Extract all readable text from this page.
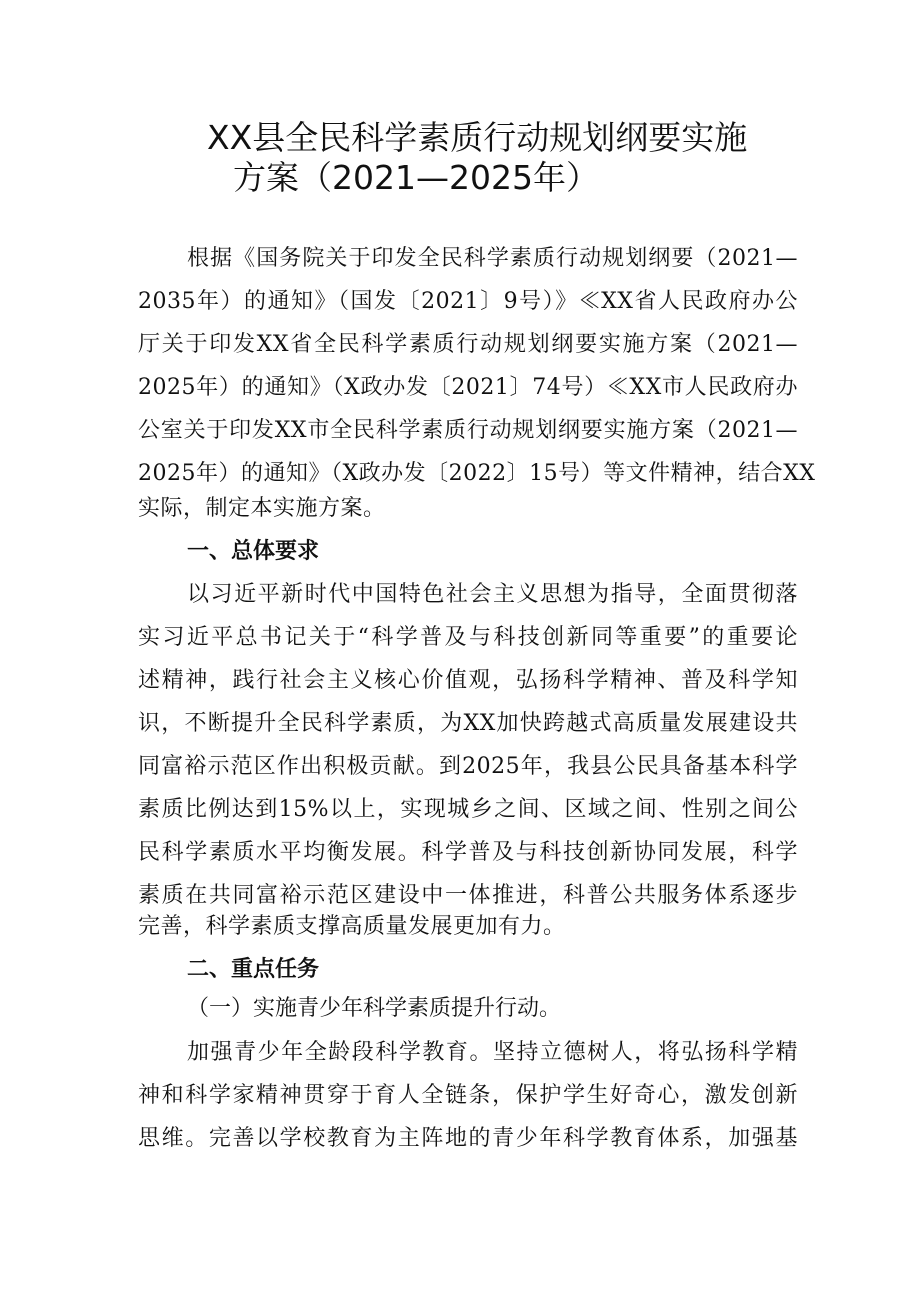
XX县全民科学素质行动规划纲要实施
方案（2021—2025年）
根据《国务院关于印发全民科学素质行动规划纲要（2021—
2035年）的通知》（国发〔2021〕9号）》≪XX省人民政府办公
厅关于印发XX省全民科学素质行动规划纲要实施方案（2021—
2025年）的通知》（X政办发〔2021〕74号）≪XX市人民政府办
公室关于印发XX市全民科学素质行动规划纲要实施方案（2021—
2025年）的通知》（X政办发〔2022〕15号）等文件精神，结合XX
实际，制定本实施方案。
一、总体要求
以习近平新时代中国特色社会主义思想为指导，全面贯彻落
实习近平总书记关于“科学普及与科技创新同等重要”的重要论
述精神，践行社会主义核心价值观，弘扬科学精神、普及科学知
识，不断提升全民科学素质，为XX加快跨越式高质量发展建设共
同富裕示范区作出积极贡献。到2025年，我县公民具备基本科学
素质比例达到15%以上，实现城乡之间、区域之间、性别之间公
民科学素质水平均衡发展。科学普及与科技创新协同发展，科学
素质在共同富裕示范区建设中一体推进，科普公共服务体系逐步
完善，科学素质支撑高质量发展更加有力。
二、重点任务
（一）实施青少年科学素质提升行动。
加强青少年全龄段科学教育。坚持立德树人，将弘扬科学精
神和科学家精神贯穿于育人全链条，保护学生好奇心，激发创新
思维。完善以学校教育为主阵地的青少年科学教育体系，加强基
